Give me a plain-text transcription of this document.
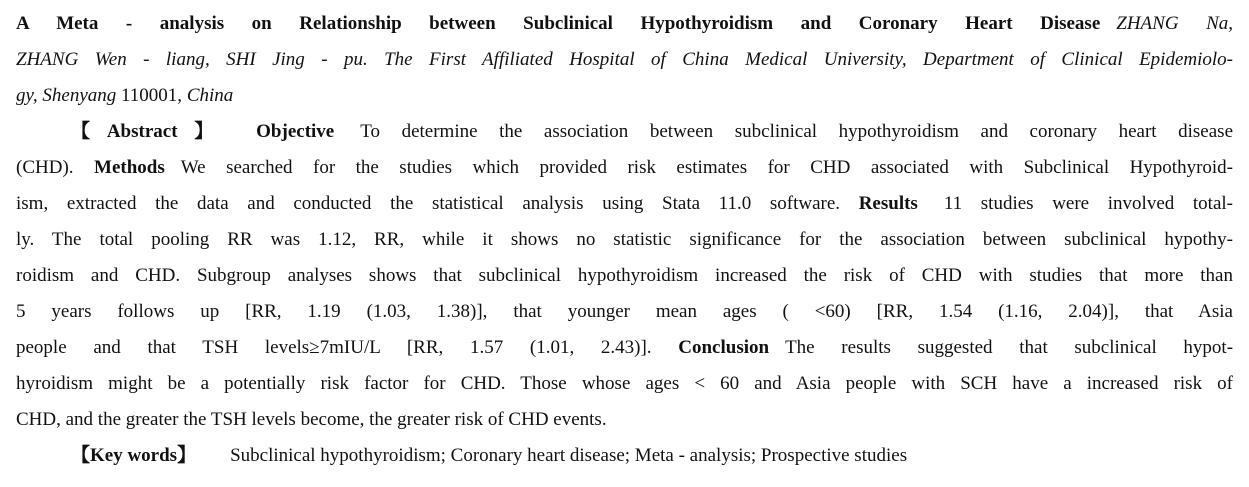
A Meta - analysis on Relationship between Subclinical Hypothyroidism and Coronary Heart Disease ZHANG Na,
ZHANG Wen - liang, SHI Jing - pu. The First Affiliated Hospital of China Medical University, Department of Clinical Epidemiolo-
gy, Shenyang 110001, China
【Abstract】 Objective To determine the association between subclinical hypothyroidism and coronary heart disease
(CHD). Methods We searched for the studies which provided risk estimates for CHD associated with Subclinical Hypothyroid-
ism, extracted the data and conducted the statistical analysis using Stata 11.0 software. Results 11 studies were involved total-
ly. The total pooling RR was 1.12, RR, while it shows no statistic significance for the association between subclinical hypothy-
roidism and CHD. Subgroup analyses shows that subclinical hypothyroidism increased the risk of CHD with studies that more than
5 years follows up [RR, 1.19 (1.03, 1.38)], that younger mean ages ( <60) [RR, 1.54 (1.16, 2.04)], that Asia
people and that TSH levels≥7mIU/L [RR, 1.57 (1.01, 2.43)]. Conclusion The results suggested that subclinical hypot-
hyroidism might be a potentially risk factor for CHD. Those whose ages < 60 and Asia people with SCH have a increased risk of
CHD, and the greater the TSH levels become, the greater risk of CHD events.
【Key words】 Subclinical hypothyroidism; Coronary heart disease; Meta - analysis; Prospective studies
